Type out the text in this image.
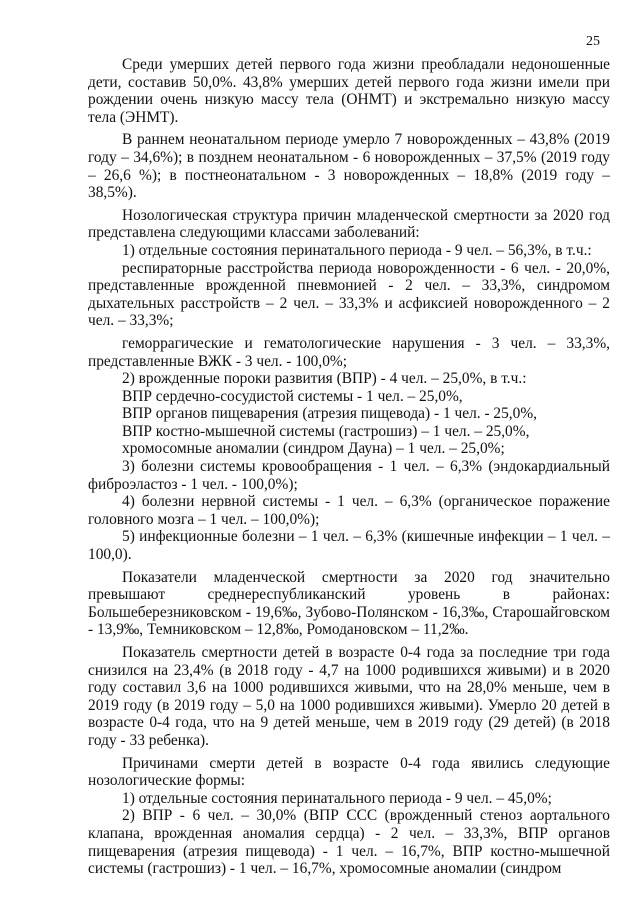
25

Среди умерших детей первого года жизни преобладали недоношенные дети, составив 50,0%. 43,8% умерших детей первого года жизни имели при рождении очень низкую массу тела (ОНМТ) и экстремально низкую массу тела (ЭНМТ).

В раннем неонатальном периоде умерло 7 новорожденных – 43,8% (2019 году – 34,6%); в позднем неонатальном - 6 новорожденных – 37,5% (2019 году – 26,6 %); в постнеонатальном - 3 новорожденных – 18,8% (2019 году – 38,5%).

Нозологическая структура причин младенческой смертности за 2020 год представлена следующими классами заболеваний:

1) отдельные состояния перинатального периода - 9 чел. – 56,3%, в т.ч.:

респираторные расстройства периода новорожденности - 6 чел. - 20,0%, представленные врожденной пневмонией - 2 чел. – 33,3%, синдромом дыхательных расстройств – 2 чел. – 33,3% и асфиксией новорожденного – 2 чел. – 33,3%;

геморрагические и гематологические нарушения - 3 чел. – 33,3%, представленные ВЖК - 3 чел. - 100,0%;

2) врожденные пороки развития (ВПР) - 4 чел. – 25,0%, в т.ч.:

ВПР сердечно-сосудистой системы - 1 чел. – 25,0%,

ВПР органов пищеварения (атрезия пищевода) - 1 чел. - 25,0%,

ВПР костно-мышечной системы (гастрошиз) – 1 чел. – 25,0%,

хромосомные аномалии (синдром Дауна) – 1 чел. – 25,0%;

3) болезни системы кровообращения - 1 чел. – 6,3% (эндокардиальный фиброэластоз - 1 чел. - 100,0%);

4) болезни нервной системы - 1 чел. – 6,3% (органическое поражение головного мозга – 1 чел. – 100,0%);

5) инфекционные болезни – 1 чел. – 6,3% (кишечные инфекции – 1 чел. – 100,0).

Показатели младенческой смертности за 2020 год значительно превышают среднереспубликанский уровень в районах: Большеберезниковском - 19,6‰, Зубово-Полянском - 16,3‰, Старошайговском - 13,9‰, Темниковском – 12,8‰, Ромодановском – 11,2‰.

Показатель смертности детей в возрасте 0-4 года за последние три года снизился на 23,4% (в 2018 году - 4,7 на 1000 родившихся живыми) и в 2020 году составил 3,6 на 1000 родившихся живыми, что на 28,0% меньше, чем в 2019 году (в 2019 году – 5,0 на 1000 родившихся живыми). Умерло 20 детей в возрасте 0-4 года, что на 9 детей меньше, чем в 2019 году (29 детей) (в 2018 году - 33 ребенка).

Причинами смерти детей в возрасте 0-4 года явились следующие нозологические формы:

1) отдельные состояния перинатального периода - 9 чел. – 45,0%;

2) ВПР - 6 чел. – 30,0% (ВПР ССС (врожденный стеноз аортального клапана, врожденная аномалия сердца) - 2 чел. – 33,3%, ВПР органов пищеварения (атрезия пищевода) - 1 чел. – 16,7%, ВПР костно-мышечной системы (гастрошиз) - 1 чел. – 16,7%, хромосомные аномалии (синдром
